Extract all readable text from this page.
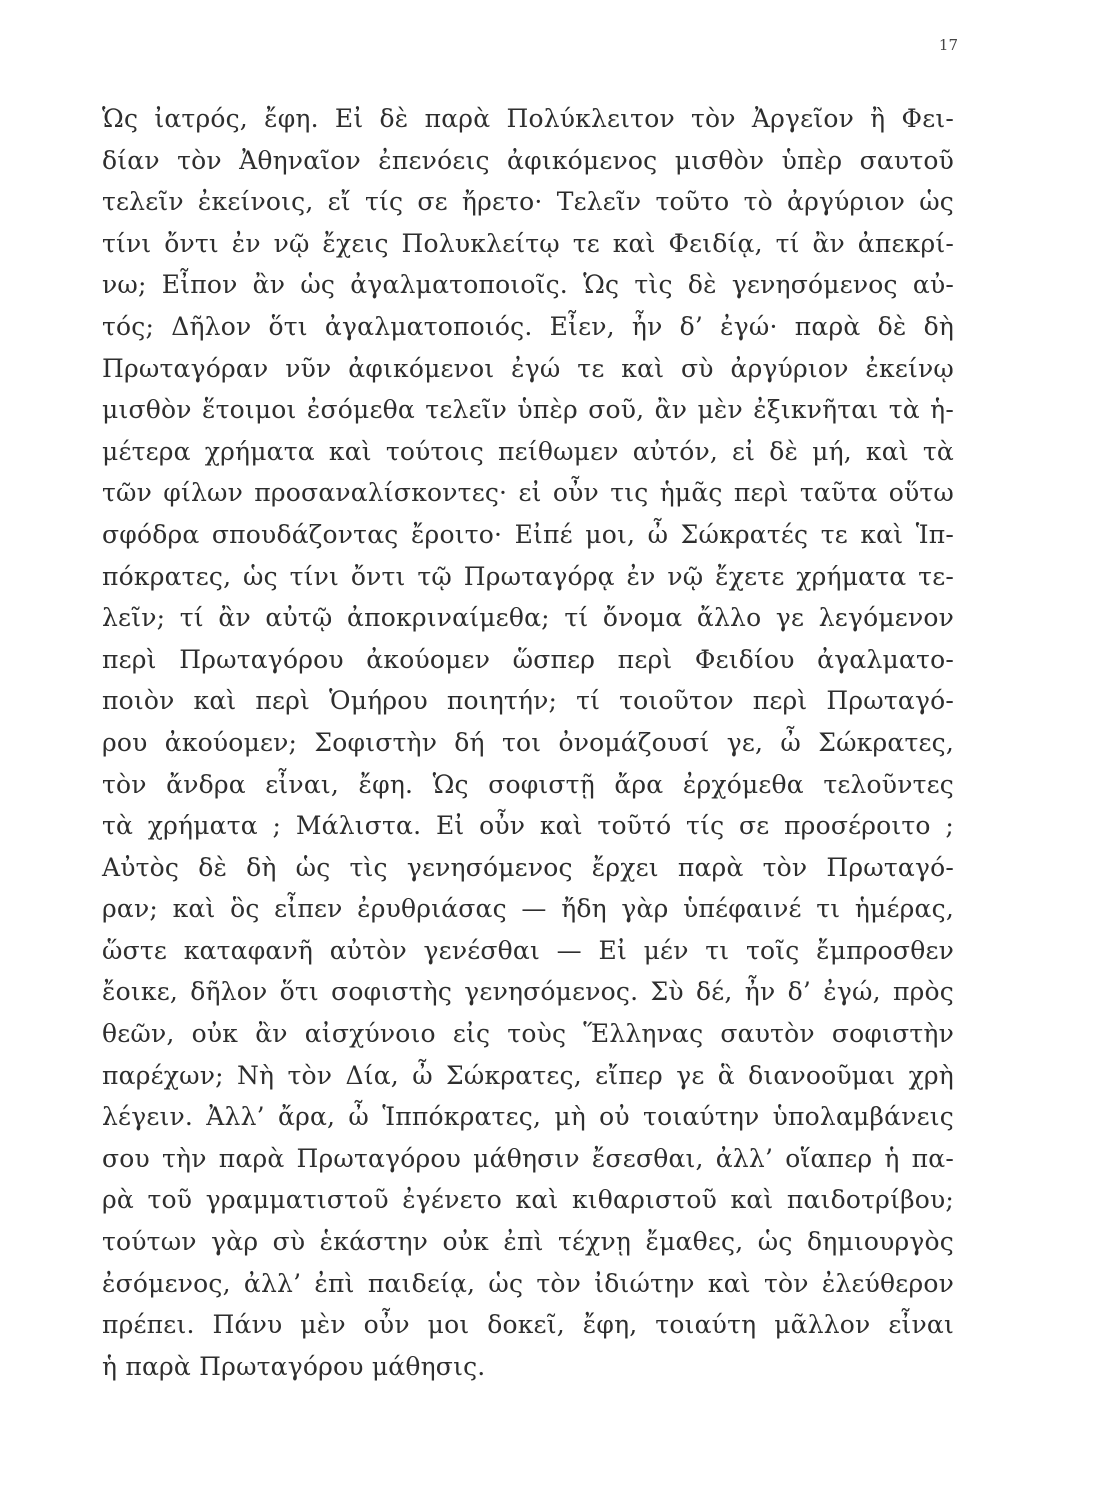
17
Ὡς ἰατρός, ἔφη. Εἰ δὲ παρὰ Πολύκλειτον τὸν Ἀργεῖον ἢ Φει-
δίαν τὸν Ἀθηναῖον ἐπενόεις ἀφικόμενος μισθὸν ὑπὲρ σαυτοῦ
τελεῖν ἐκείνοις, εἴ τίς σε ἤρετο· Τελεῖν τοῦτο τὸ ἀργύριον ὡς
τίνι ὄντι ἐν νῷ ἔχεις Πολυκλείτῳ τε καὶ Φειδίᾳ, τί ἂν ἀπεκρί-
νω; Εἶπον ἂν ὡς ἀγαλματοποιοῖς. Ὡς τὶς δὲ γενησόμενος αὐ-
τός; Δῆλον ὅτι ἀγαλματοποιός. Εἶεν, ἦν δ’ ἐγώ· παρὰ δὲ δὴ
Πρωταγόραν νῦν ἀφικόμενοι ἐγώ τε καὶ σὺ ἀργύριον ἐκείνῳ
μισθὸν ἕτοιμοι ἐσόμεθα τελεῖν ὑπὲρ σοῦ, ἂν μὲν ἐξικνῆται τὰ ἡ-
μέτερα χρήματα καὶ τούτοις πείθωμεν αὐτόν, εἰ δὲ μή, καὶ τὰ
τῶν φίλων προσαναλίσκοντες· εἰ οὖν τις ἡμᾶς περὶ ταῦτα οὕτω
σφόδρα σπουδάζοντας ἔροιτο· Εἰπέ μοι, ὦ Σώκρατές τε καὶ Ἱπ-
πόκρατες, ὡς τίνι ὄντι τῷ Πρωταγόρᾳ ἐν νῷ ἔχετε χρήματα τε-
λεῖν; τί ἂν αὐτῷ ἀποκριναίμεθα; τί ὄνομα ἄλλο γε λεγόμενον
περὶ Πρωταγόρου ἀκούομεν ὥσπερ περὶ Φειδίου ἀγαλματο-
ποιὸν καὶ περὶ Ὁμήρου ποιητήν; τί τοιοῦτον περὶ Πρωταγό-
ρου ἀκούομεν; Σοφιστὴν δή τοι ὀνομάζουσί γε, ὦ Σώκρατες,
τὸν ἄνδρα εἶναι, ἔφη. Ὡς σοφιστῇ ἄρα ἐρχόμεθα τελοῦντες
τὰ χρήματα ; Μάλιστα. Εἰ οὖν καὶ τοῦτό τίς σε προσέροιτο ;
Αὐτὸς δὲ δὴ ὡς τὶς γενησόμενος ἔρχει παρὰ τὸν Πρωταγό-
ραν; καὶ ὃς εἶπεν ἐρυθριάσας — ἤδη γὰρ ὑπέφαινέ τι ἡμέρας,
ὥστε καταφανῆ αὐτὸν γενέσθαι — Εἰ μέν τι τοῖς ἔμπροσθεν
ἔοικε, δῆλον ὅτι σοφιστὴς γενησόμενος. Σὺ δέ, ἦν δ’ ἐγώ, πρὸς
θεῶν, οὐκ ἂν αἰσχύνοιο εἰς τοὺς Ἕλληνας σαυτὸν σοφιστὴν
παρέχων; Νὴ τὸν Δία, ὦ Σώκρατες, εἴπερ γε ἃ διανοοῦμαι χρὴ
λέγειν. Ἀλλ’ ἄρα, ὦ Ἱππόκρατες, μὴ οὐ τοιαύτην ὑπολαμβάνεις
σου τὴν παρὰ Πρωταγόρου μάθησιν ἔσεσθαι, ἀλλ’ οἵαπερ ἡ πα-
ρὰ τοῦ γραμματιστοῦ ἐγένετο καὶ κιθαριστοῦ καὶ παιδοτρίβου;
τούτων γὰρ σὺ ἑκάστην οὐκ ἐπὶ τέχνῃ ἔμαθες, ὡς δημιουργὸς
ἐσόμενος, ἀλλ’ ἐπὶ παιδείᾳ, ὡς τὸν ἰδιώτην καὶ τὸν ἐλεύθερον
πρέπει. Πάνυ μὲν οὖν μοι δοκεῖ, ἔφη, τοιαύτη μᾶλλον εἶναι
ἡ παρὰ Πρωταγόρου μάθησις.
